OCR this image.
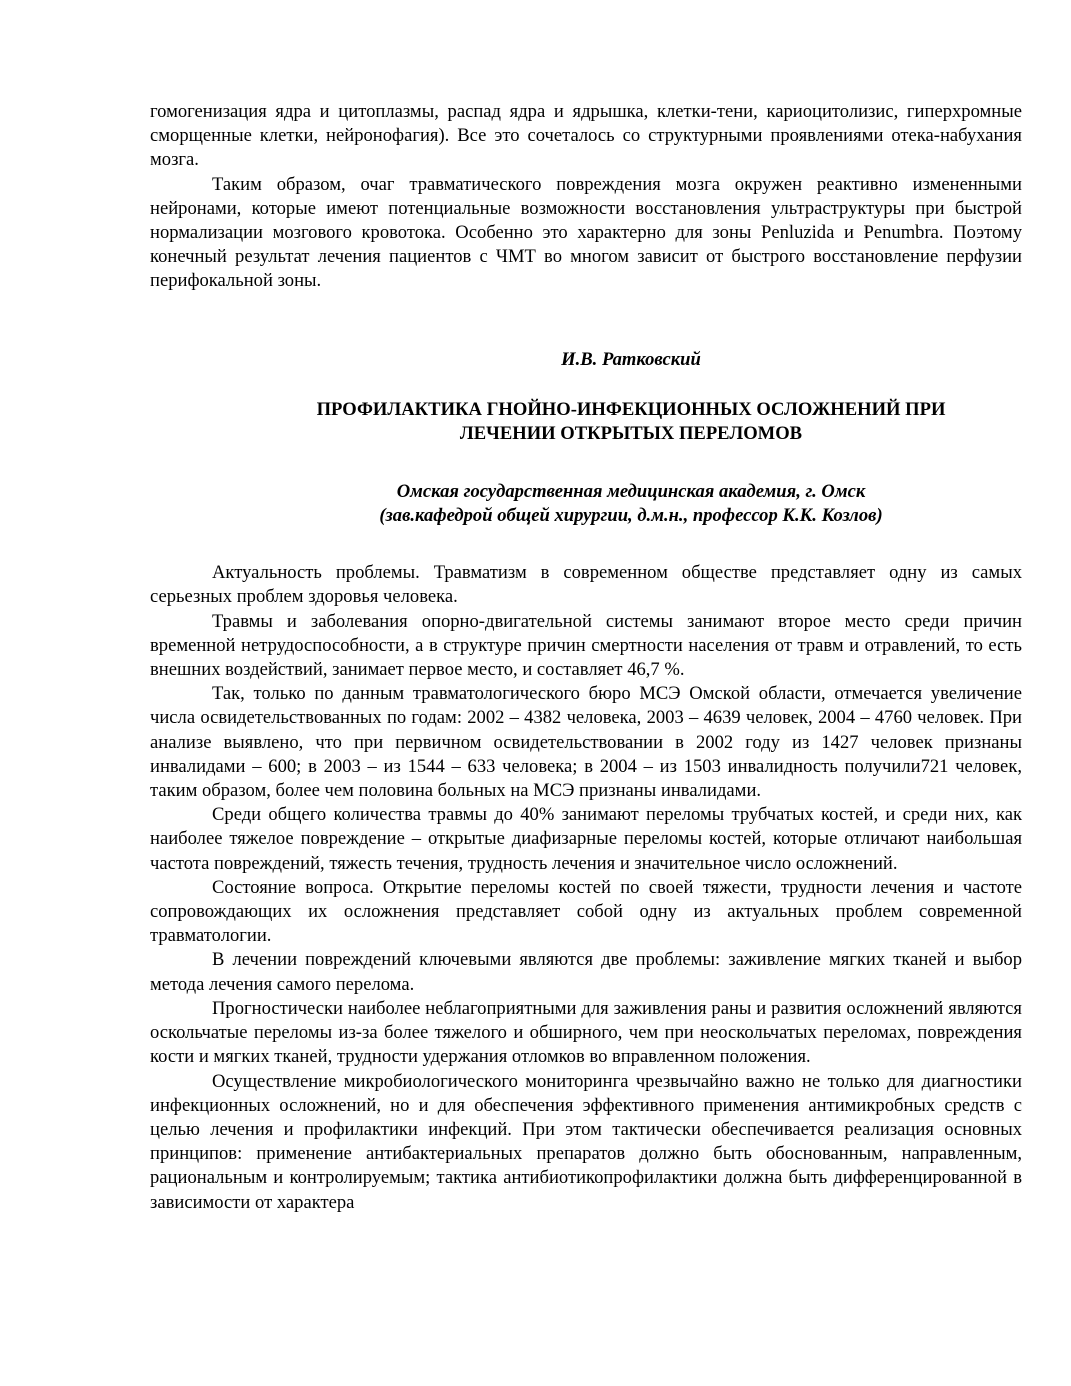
гомогенизация ядра и цитоплазмы, распад ядра и ядрышка, клетки-тени, кариоцитолизис, гиперхромные сморщенные клетки, нейронофагия). Все это сочеталось со структурными проявлениями отека-набухания мозга.

Таким образом, очаг травматического повреждения мозга окружен реактивно измененными нейронами, которые имеют потенциальные возможности восстановления ультраструктуры при быстрой нормализации мозгового кровотока. Особенно это характерно для зоны Penluzida и Penumbra. Поэтому конечный результат лечения пациентов с ЧМТ во многом зависит от быстрого восстановление перфузии перифокальной зоны.

И.В. Ратковский
ПРОФИЛАКТИКА ГНОЙНО-ИНФЕКЦИОННЫХ ОСЛОЖНЕНИЙ ПРИ
ЛЕЧЕНИИ ОТКРЫТЫХ ПЕРЕЛОМОВ
Омская государственная медицинская академия, г. Омск
(зав.кафедрой общей хирургии, д.м.н., профессор К.К. Козлов)

Актуальность проблемы. Травматизм в современном обществе представляет одну из самых серьезных проблем здоровья человека.

Травмы и заболевания опорно-двигательной системы занимают второе место среди причин временной нетрудоспособности, а в структуре причин смертности населения от травм и отравлений, то есть внешних воздействий, занимает первое место, и составляет 46,7 %.

Так, только по данным травматологического бюро МСЭ Омской области, отмечается увеличение числа освидетельствованных по годам: 2002 – 4382 человека, 2003 – 4639 человек, 2004 – 4760 человек. При анализе выявлено, что при первичном освидетельствовании в 2002 году из 1427 человек признаны инвалидами – 600; в 2003 – из 1544 – 633 человека; в 2004 – из 1503 инвалидность получили721 человек, таким образом, более чем половина больных на МСЭ признаны инвалидами.

Среди общего количества травмы до 40% занимают переломы трубчатых костей, и среди них, как наиболее тяжелое повреждение – открытые диафизарные переломы костей, которые отличают наибольшая частота повреждений, тяжесть течения, трудность лечения и значительное число осложнений.

Состояние вопроса. Открытие переломы костей по своей тяжести, трудности лечения и частоте сопровождающих их осложнения представляет собой одну из актуальных проблем современной травматологии.

В лечении повреждений ключевыми являются две проблемы: заживление мягких тканей и выбор метода лечения самого перелома.

Прогностически наиболее неблагоприятными для заживления раны и развития осложнений являются оскольчатые переломы из-за более тяжелого и обширного, чем при неоскольчатых переломах, повреждения кости и мягких тканей, трудности удержания отломков во вправленном положения.

Осуществление микробиологического мониторинга чрезвычайно важно не только для диагностики инфекционных осложнений, но и для обеспечения эффективного применения антимикробных средств с целью лечения и профилактики инфекций. При этом тактически обеспечивается реализация основных принципов: применение антибактериальных препаратов должно быть обоснованным, направленным, рациональным и контролируемым; тактика антибиотикопрофилактики должна быть дифференцированной в зависимости от характера
